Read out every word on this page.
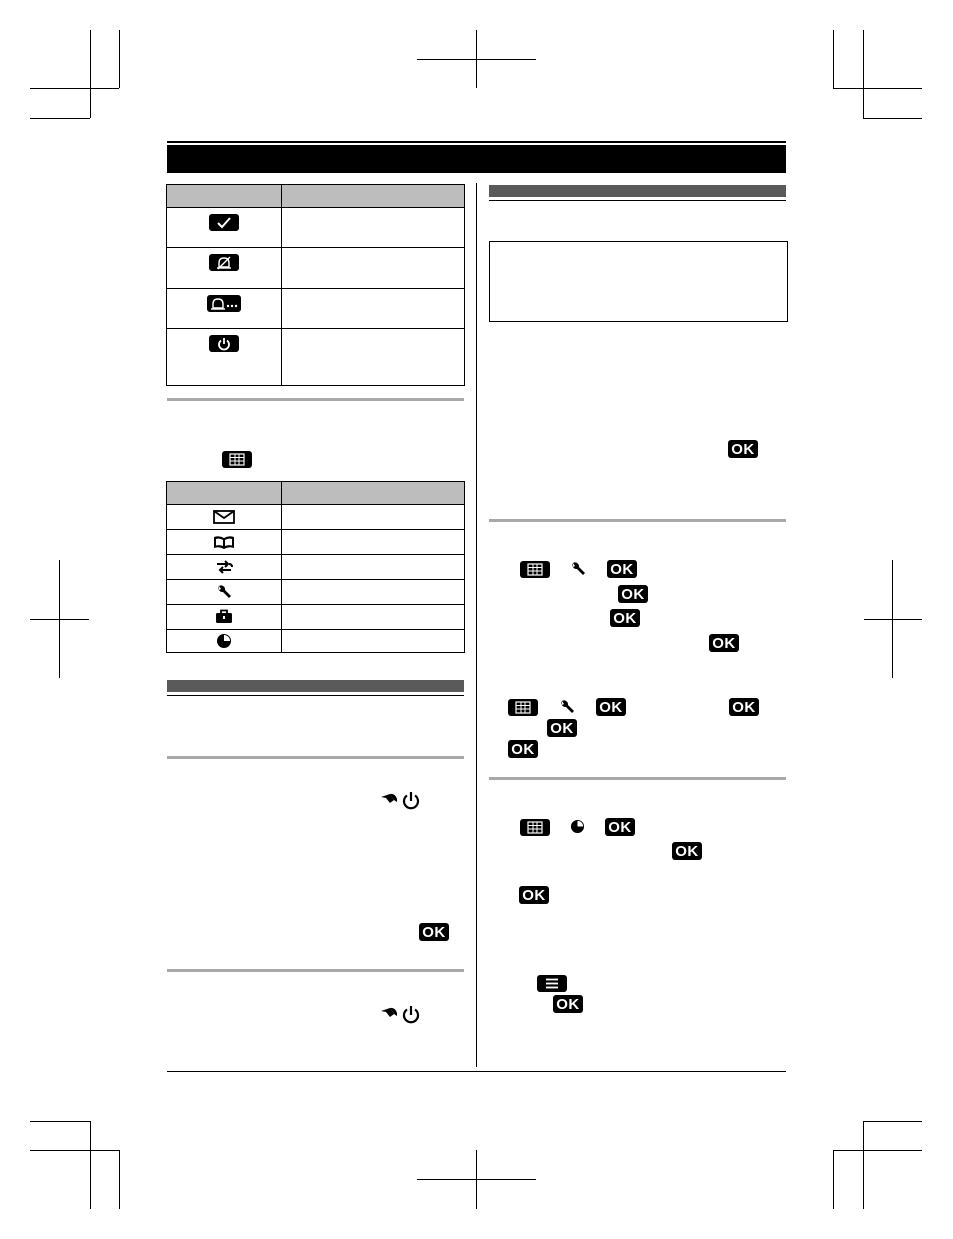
OK
OK
OK
OK
OK
OK
OK	OK
OK
OK
OK
OK
OK
OK
